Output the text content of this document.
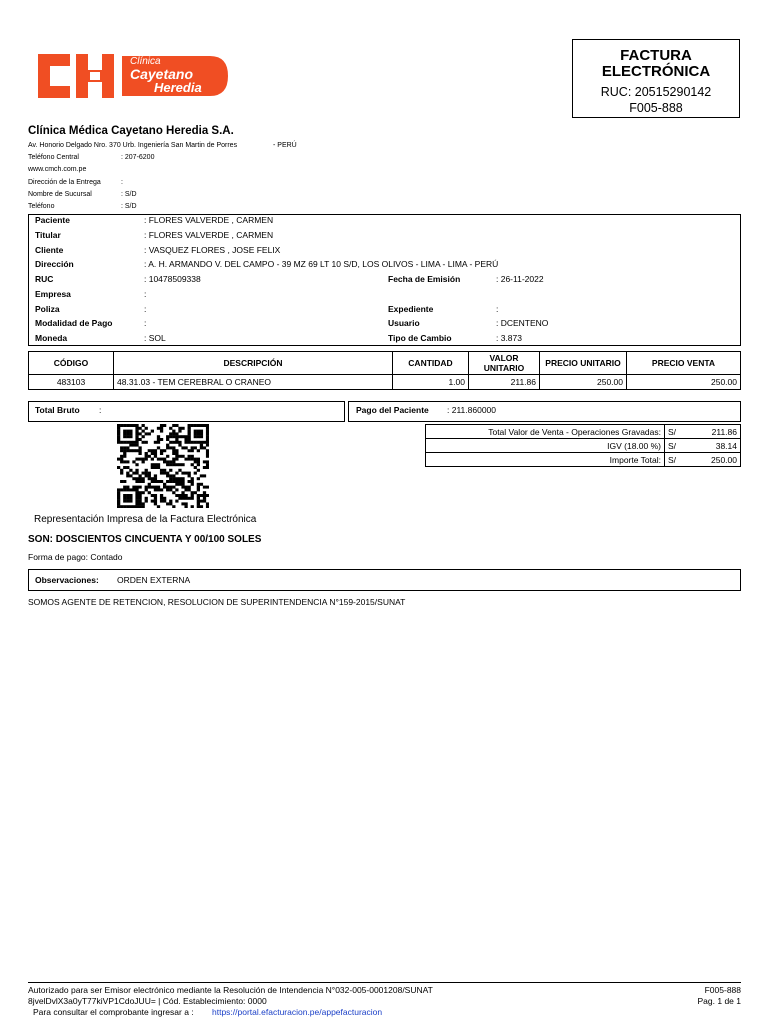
Clínica
Cayetano
Heredia
FACTURA
ELECTRÓNICA
RUC: 20515290142
F005-888
Clínica Médica Cayetano Heredia S.A.
Av. Honorio Delgado Nro. 370 Urb. Ingeniería San Martin de Porres	- PERÚ
Teléfono Central	: 207-6200
www.cmch.com.pe
Dirección de la Entrega	:
Nombre de Sucursal	: S/D
Teléfono	: S/D
Paciente	: FLORES VALVERDE , CARMEN
Titular	: FLORES VALVERDE , CARMEN
Cliente	: VASQUEZ FLORES , JOSE FELIX
Dirección	: A. H. ARMANDO V. DEL CAMPO - 39 MZ 69 LT 10 S/D, LOS OLIVOS - LIMA - LIMA - PERÚ
RUC	: 10478509338	Fecha de Emisión	: 26-11-2022
Empresa	:
Poliza	:	Expediente	:
Modalidad de Pago	:	Usuario	: DCENTENO
Moneda	: SOL	Tipo de Cambio	: 3.873
CÓDIGO	DESCRIPCIÓN	CANTIDAD	VALOR UNITARIO	PRECIO UNITARIO	PRECIO VENTA
483103	48.31.03 - TEM CEREBRAL O CRANEO	1.00	211.86	250.00	250.00
Total Bruto :	Pago del Paciente : 211.860000
Total Valor de Venta - Operaciones Gravadas:	S/	211.86
IGV (18.00 %)	S/	38.14
Importe Total:	S/	250.00
Representación Impresa de la Factura Electrónica
SON: DOSCIENTOS CINCUENTA Y 00/100 SOLES
Forma de pago: Contado
Observaciones: ORDEN EXTERNA
SOMOS AGENTE DE RETENCION, RESOLUCION DE SUPERINTENDENCIA N°159-2015/SUNAT
Autorizado para ser Emisor electrónico mediante la Resolución de Intendencia N°032-005-0001208/SUNAT	F005-888
8jvelDvlX3a0yT77kiVP1CdoJUU= | Cód. Establecimiento: 0000	Pag. 1 de 1
Para consultar el comprobante ingresar a : https://portal.efacturacion.pe/appefacturacion
